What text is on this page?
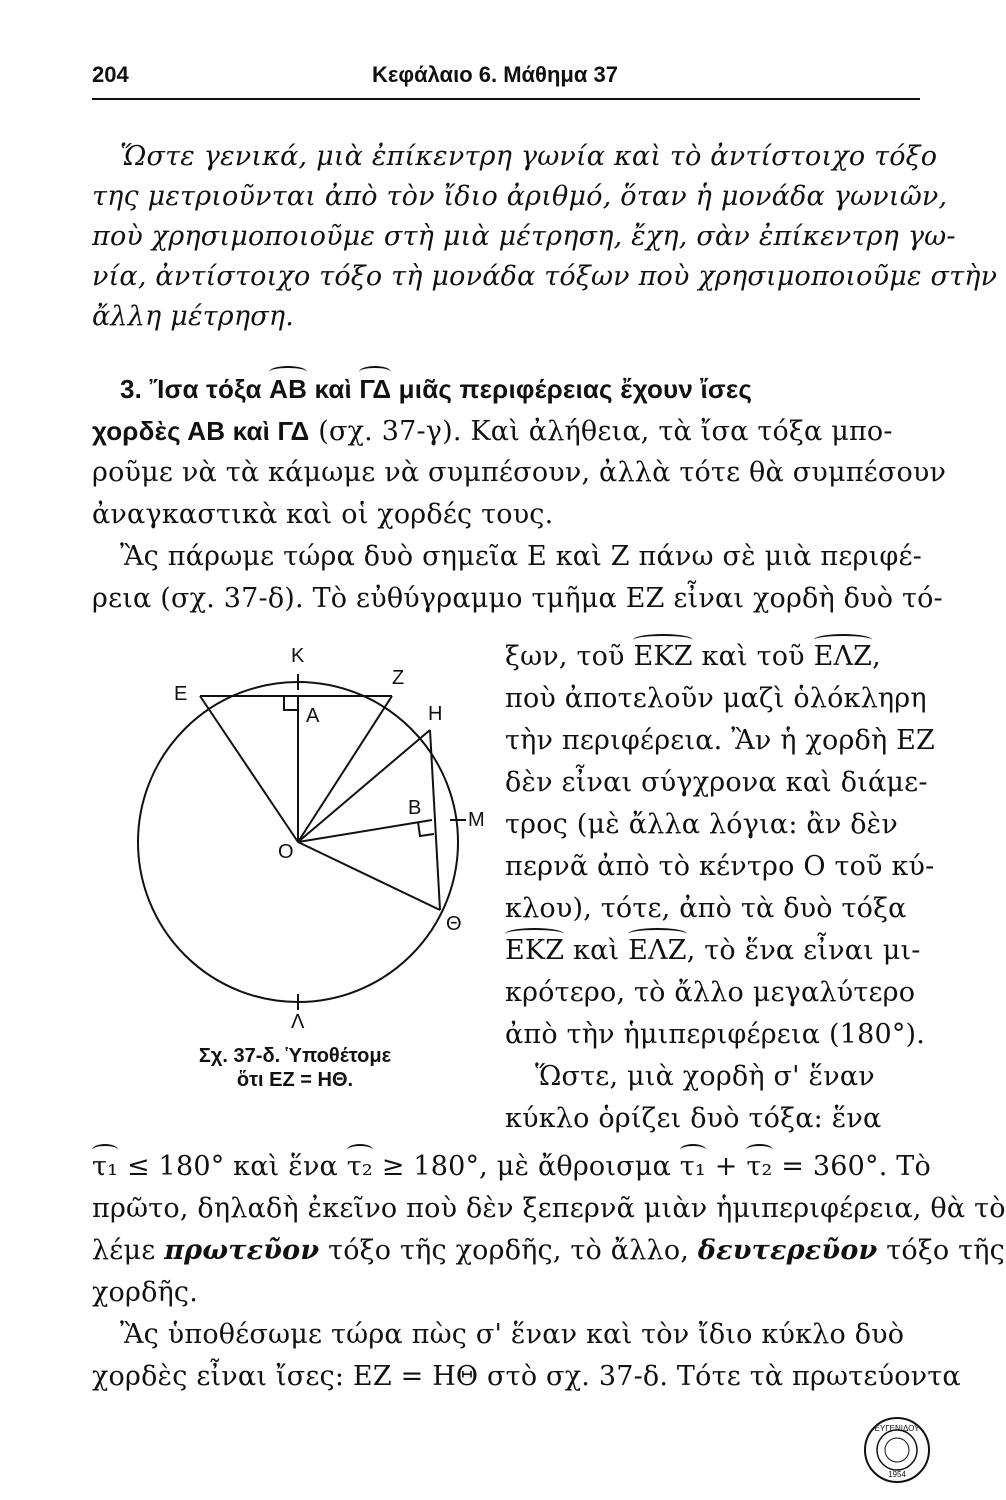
204	Κεφάλαιο 6. Μάθημα 37
Ὥστε γενικά, μιὰ ἐπίκεντρη γωνία καὶ τὸ ἀντίστοιχο τόξο
της μετριοῦνται ἀπὸ τὸν ἴδιο ἀριθμό, ὅταν ἡ μονάδα γωνιῶν,
ποὺ χρησιμοποιοῦμε στὴ μιὰ μέτρηση, ἔχη, σὰν ἐπίκεντρη γω-
νία, ἀντίστοιχο τόξο τὴ μονάδα τόξων ποὺ χρησιμοποιοῦμε στὴν
ἄλλη μέτρηση.
3. Ἴσα τόξα ΑΒ καὶ ΓΔ μιᾶς περιφέρειας ἔχουν ἴσες
χορδὲς ΑΒ καὶ ΓΔ (σχ. 37-γ). Καὶ ἀλήθεια, τὰ ἴσα τόξα μπο-
ροῦμε νὰ τὰ κάμωμε νὰ συμπέσουν, ἀλλὰ τότε θὰ συμπέσουν
ἀναγκαστικὰ καὶ οἱ χορδές τους.
Ἂς πάρωμε τώρα δυὸ σημεῖα Ε καὶ Ζ πάνω σὲ μιὰ περιφέ-
ρεια (σχ. 37-δ). Τὸ εὐθύγραμμο τμῆμα ΕΖ εἶναι χορδὴ δυὸ τό-
ξων, τοῦ ΕΚΖ καὶ τοῦ ΕΛΖ,
ποὺ ἀποτελοῦν μαζὶ ὁλόκληρη
τὴν περιφέρεια. Ἂν ἡ χορδὴ ΕΖ
δὲν εἶναι σύγχρονα καὶ διάμε-
τρος (μὲ ἄλλα λόγια: ἂν δὲν
περνᾶ ἀπὸ τὸ κέντρο Ο τοῦ κύ-
κλου), τότε, ἀπὸ τὰ δυὸ τόξα
ΕΚΖ καὶ ΕΛΖ, τὸ ἕνα εἶναι μι-
κρότερο, τὸ ἄλλο μεγαλύτερο
ἀπὸ τὴν ἡμιπεριφέρεια (180°).
Ὥστε, μιὰ χορδὴ σ' ἕναν
κύκλο ὁρίζει δυὸ τόξα: ἕνα
Κ
Ε
Ζ
Η
Α
Β
Ο
Μ
Θ
Λ
Σχ. 37-δ. Ὑποθέτομε
ὅτι ΕΖ = ΗΘ.
τ₁ ≤ 180° καὶ ἕνα τ₂ ≥ 180°, μὲ ἄθροισμα τ₁ + τ₂ = 360°. Τὸ
πρῶτο, δηλαδὴ ἐκεῖνο ποὺ δὲν ξεπερνᾶ μιὰν ἡμιπεριφέρεια, θὰ τὸ
λέμε πρωτεῦον τόξο τῆς χορδῆς, τὸ ἄλλο, δευτερεῦον τόξο τῆς
χορδῆς.
Ἂς ὑποθέσωμε τώρα πὼς σ' ἕναν καὶ τὸν ἴδιο κύκλο δυὸ
χορδὲς εἶναι ἴσες: ΕΖ = ΗΘ στὸ σχ. 37-δ. Τότε τὰ πρωτεύοντα
ΕΥΓΕΝΙΔΟΥ
1954
